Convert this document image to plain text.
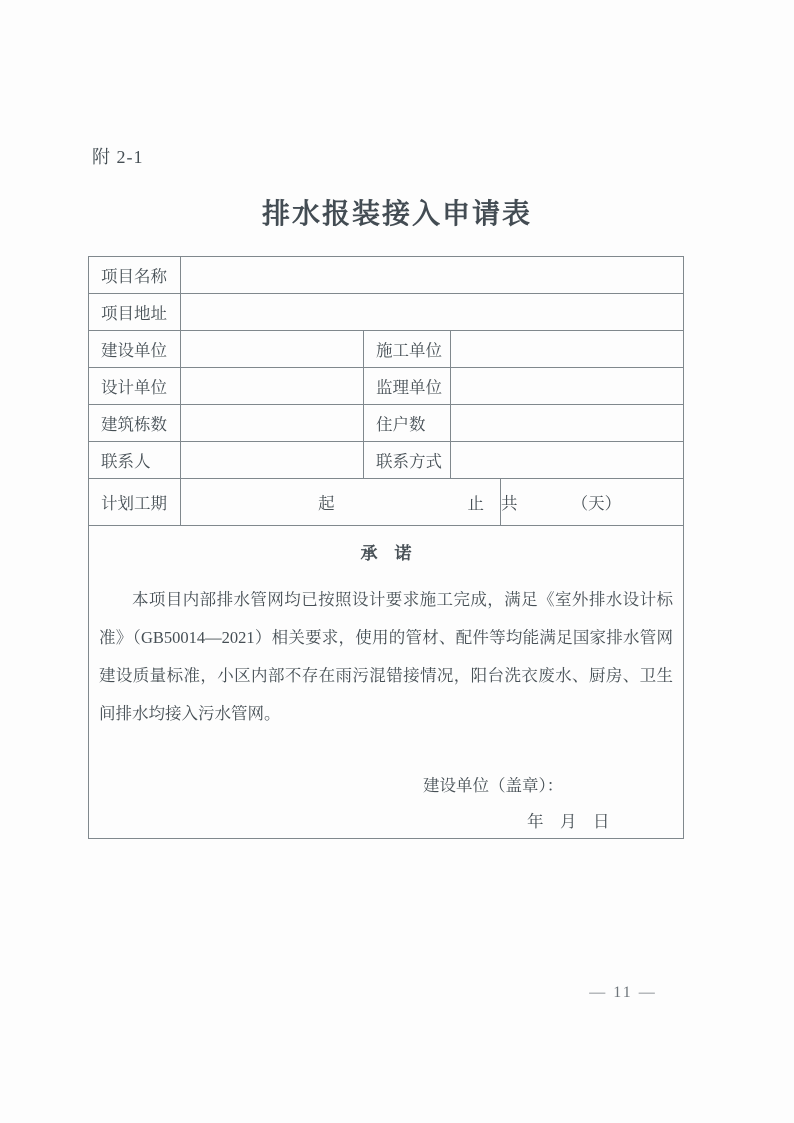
附 2-1
排水报装接入申请表
项目名称				
项目地址				
建设单位		施工单位		
设计单位		监理单位		
建筑栋数		住户数		
联系人		联系方式		
计划工期	起 止			共 （天）

承　诺

本项目内部排水管网均已按照设计要求施工完成，满足《室外排水设计标准》（GB50014—2021）相关要求，使用的管材、配件等均能满足国家排水管网建设质量标准，小区内部不存在雨污混错接情况，阳台洗衣废水、厨房、卫生间排水均接入污水管网。

建设单位（盖章）：
年　月　日				
— 11 —
